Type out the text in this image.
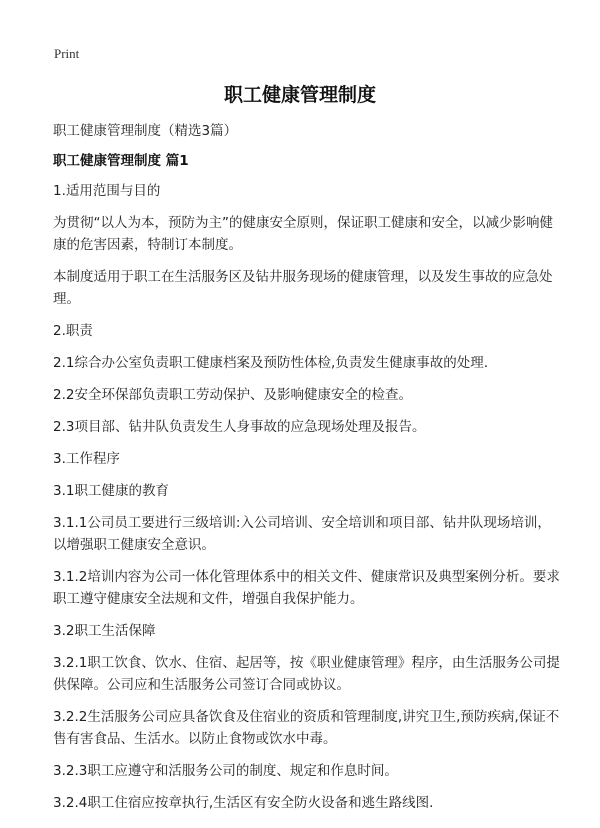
Print
职工健康管理制度

职工健康管理制度（精选3篇）

职工健康管理制度 篇1

1.适用范围与目的

为贯彻“以人为本，预防为主”的健康安全原则，保证职工健康和安全，以减少影响健康的危害因素，特制订本制度。

本制度适用于职工在生活服务区及钻井服务现场的健康管理，以及发生事故的应急处理。

2.职责

2.1综合办公室负责职工健康档案及预防性体检,负责发生健康事故的处理.

2.2安全环保部负责职工劳动保护、及影响健康安全的检查。

2.3项目部、钻井队负责发生人身事故的应急现场处理及报告。

3.工作程序

3.1职工健康的教育

3.1.1公司员工要进行三级培训:入公司培训、安全培训和项目部、钻井队现场培训，以增强职工健康安全意识。

3.1.2培训内容为公司一体化管理体系中的相关文件、健康常识及典型案例分析。要求职工遵守健康安全法规和文件，增强自我保护能力。

3.2职工生活保障

3.2.1职工饮食、饮水、住宿、起居等，按《职业健康管理》程序，由生活服务公司提供保障。公司应和生活服务公司签订合同或协议。

3.2.2生活服务公司应具备饮食及住宿业的资质和管理制度,讲究卫生,预防疾病,保证不售有害食品、生活水。以防止食物或饮水中毒。

3.2.3职工应遵守和活服务公司的制度、规定和作息时间。

3.2.4职工住宿应按章执行,生活区有安全防火设备和逃生路线图.
